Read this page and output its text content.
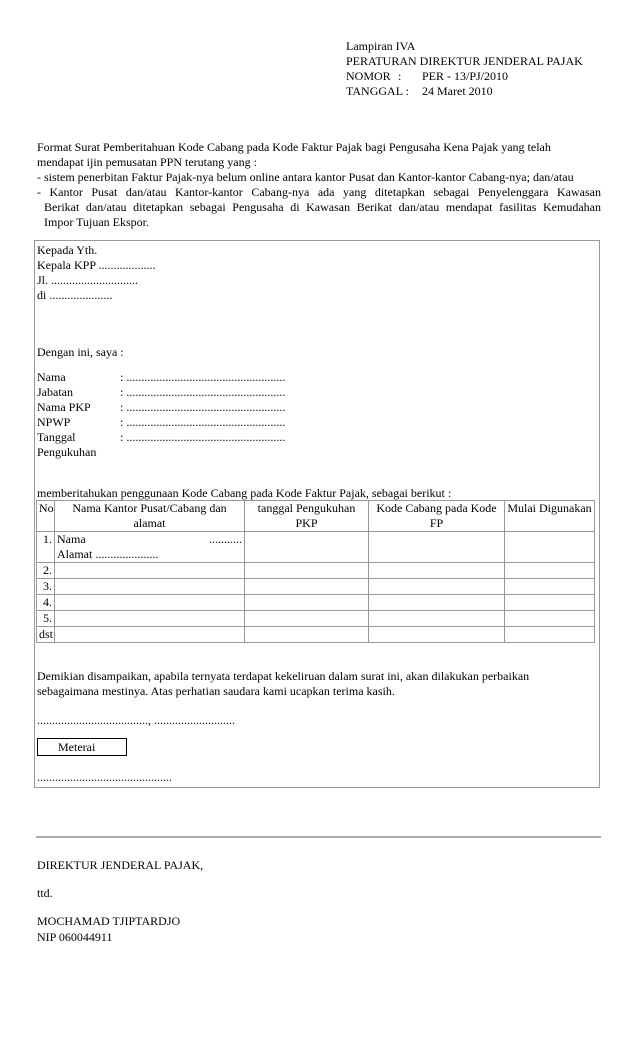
Lampiran IVA
PERATURAN DIREKTUR JENDERAL PAJAK
NOMOR : PER - 13/PJ/2010
TANGGAL : 24 Maret 2010
Format Surat Pemberitahuan Kode Cabang pada Kode Faktur Pajak bagi Pengusaha Kena Pajak yang telah
mendapat ijin pemusatan PPN terutang yang :
- sistem penerbitan Faktur Pajak-nya belum online antara kantor Pusat dan Kantor-kantor Cabang-nya; dan/atau
- Kantor Pusat dan/atau Kantor-kantor Cabang-nya ada yang ditetapkan sebagai Penyelenggara Kawasan
Berikat dan/atau ditetapkan sebagai Pengusaha di Kawasan Berikat dan/atau mendapat fasilitas Kemudahan
Impor Tujuan Ekspor.
Kepada Yth.
Kepala KPP ...................
Jl. .............................
di .....................
Dengan ini, saya :
Nama	: .....................................................
Jabatan	: .....................................................
Nama PKP : .....................................................
NPWP	: .....................................................
Tanggal	: .....................................................
Pengukuhan
memberitahukan penggunaan Kode Cabang pada Kode Faktur Pajak, sebagai berikut :
No	Nama Kantor Pusat/Cabang dan alamat	tanggal Pengukuhan PKP	Kode Cabang pada Kode FP	Mulai Digunakan
1.	Nama ...........
Alamat .....................			

2.				
3.				
4.				
5.				
dst				
Demikian disampaikan, apabila ternyata terdapat kekeliruan dalam surat ini, akan dilakukan perbaikan
sebagaimana mestinya. Atas perhatian saudara kami ucapkan terima kasih.
....................................., ...........................
Meterai
.............................................
DIREKTUR JENDERAL PAJAK,
ttd.
MOCHAMAD TJIPTARDJO
NIP 060044911
